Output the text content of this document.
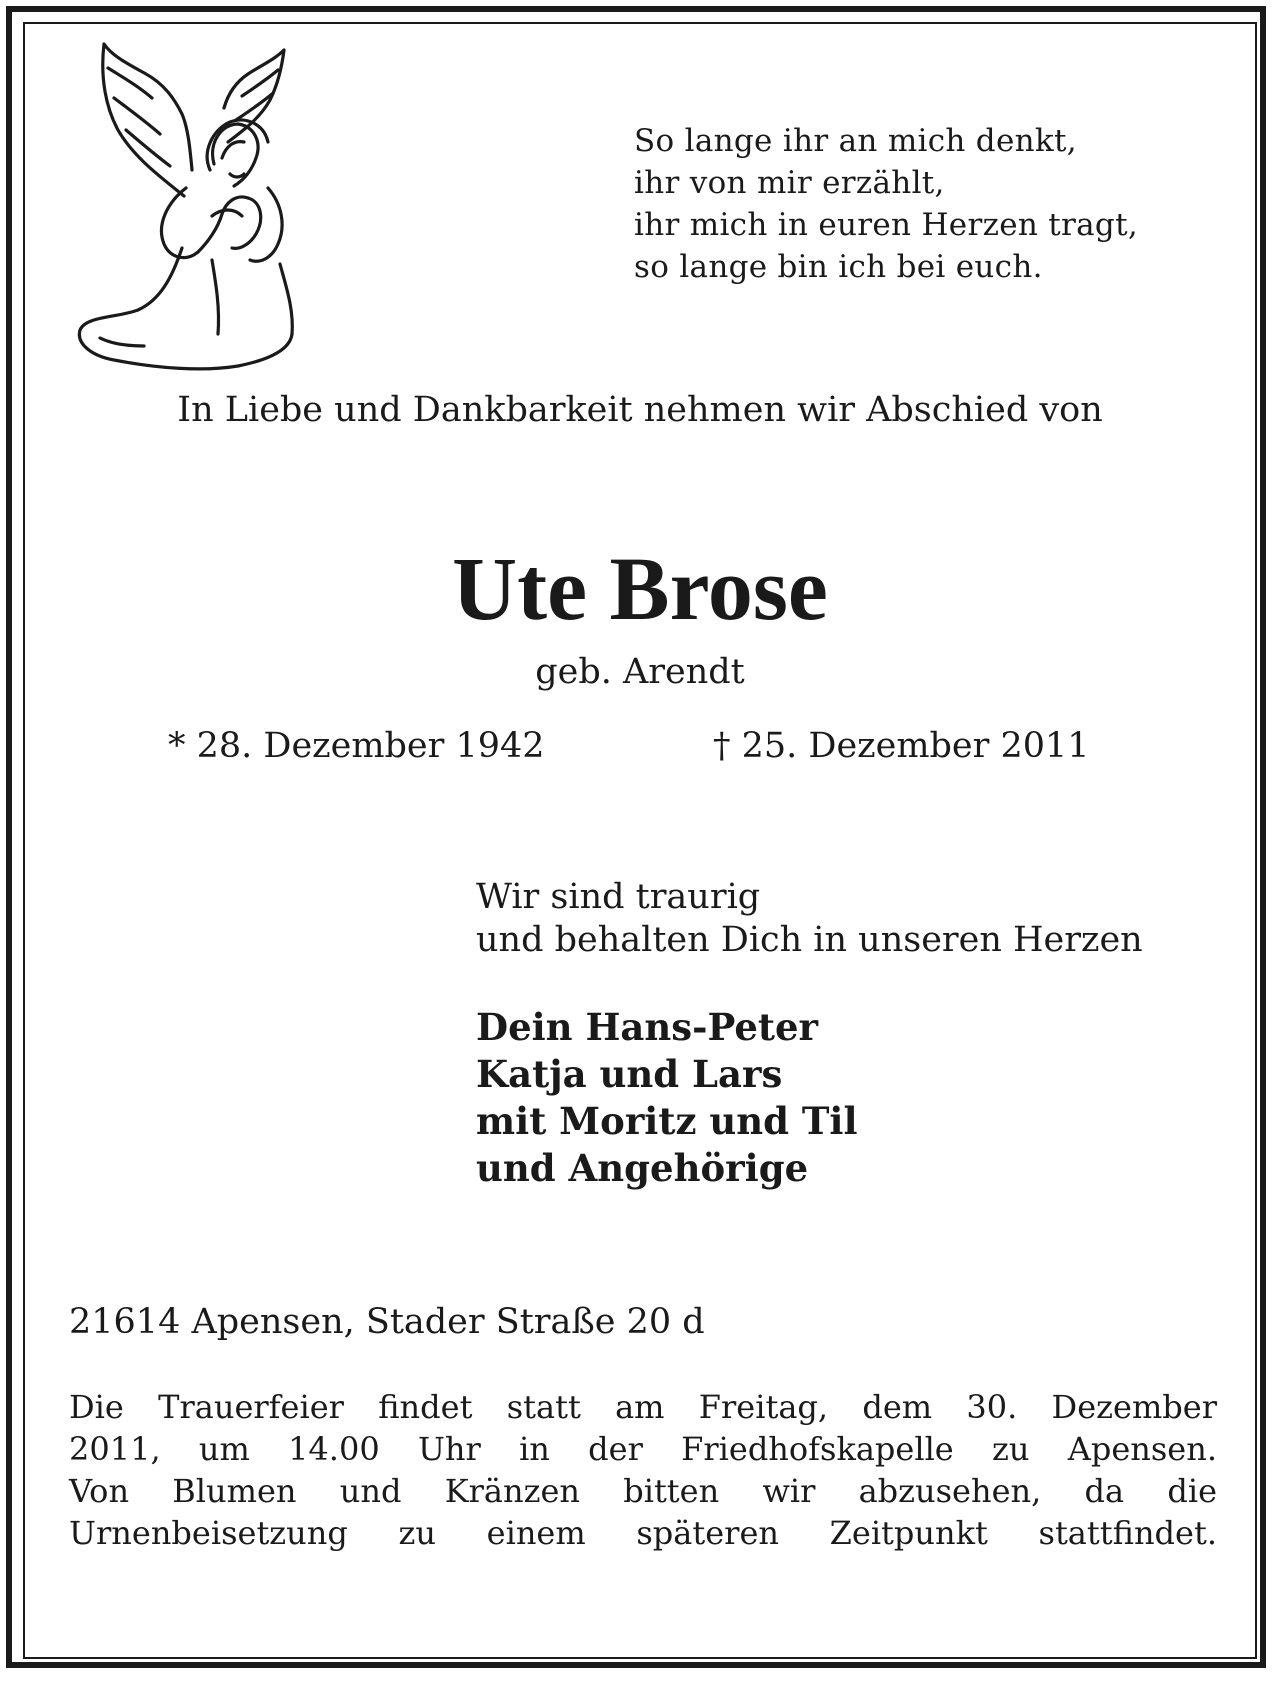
So lange ihr an mich denkt,
ihr von mir erzählt,
ihr mich in euren Herzen tragt,
so lange bin ich bei euch.
In Liebe und Dankbarkeit nehmen wir Abschied von
Ute Brose
geb. Arendt
* 28. Dezember 1942	† 25. Dezember 2011
Wir sind traurig
und behalten Dich in unseren Herzen
Dein Hans-Peter
Katja und Lars
mit Moritz und Til
und Angehörige
21614 Apensen, Stader Straße 20 d
Die Trauerfeier findet statt am Freitag, dem 30. Dezember
2011, um 14.00 Uhr in der Friedhofskapelle zu Apensen.
Von Blumen und Kränzen bitten wir abzusehen, da die
Urnenbeisetzung zu einem späteren Zeitpunkt stattfindet.
